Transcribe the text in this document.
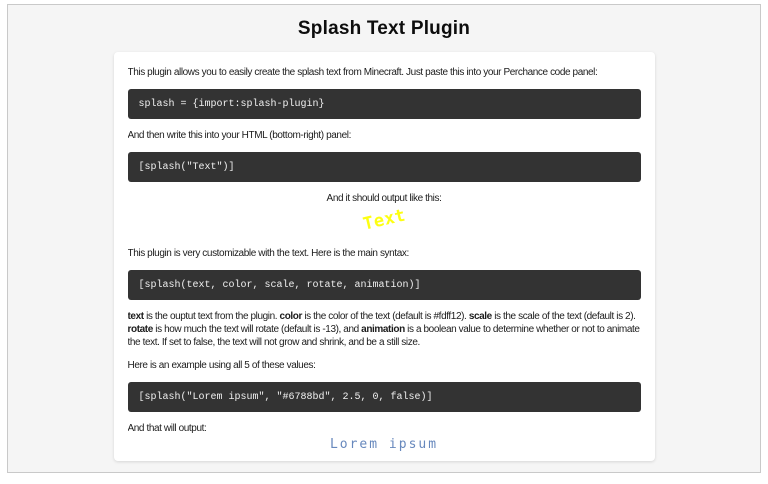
Splash Text Plugin

This plugin allows you to easily create the splash text from Minecraft. Just paste this into your Perchance code panel:

splash = {import:splash-plugin}

And then write this into your HTML (bottom-right) panel:

[splash("Text")]

And it should output like this:

Text

This plugin is very customizable with the text. Here is the main syntax:

[splash(text, color, scale, rotate, animation)]

text is the ouptut text from the plugin. color is the color of the text (default is #fdff12). scale is the scale of the text (default is 2). rotate is how much the text will rotate (default is -13), and animation is a boolean value to determine whether or not to animate the text. If set to false, the text will not grow and shrink, and be a still size.

Here is an example using all 5 of these values:

[splash("Lorem ipsum", "#6788bd", 2.5, 0, false)]

And that will output:

Lorem ipsum
